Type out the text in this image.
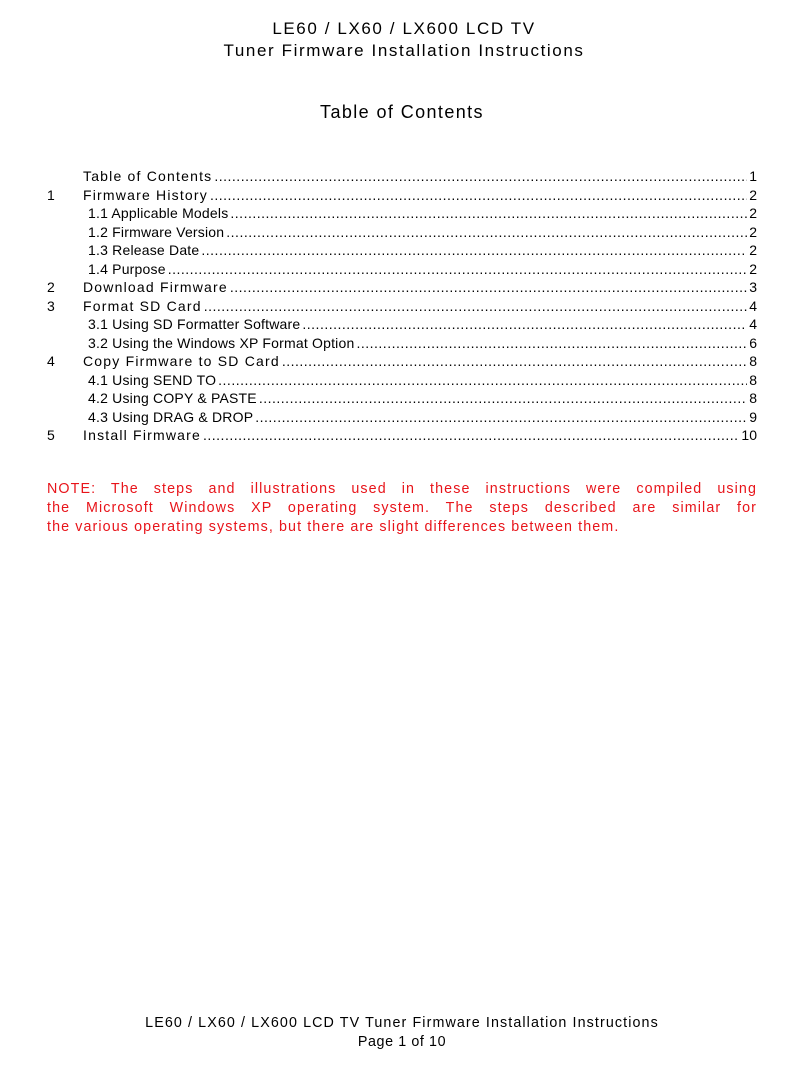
LE60 / LX60 / LX600 LCD TV
Tuner Firmware Installation Instructions
Table of Contents
Table of Contents .....	1
1	Firmware History .....	2
1.1 Applicable Models .....	2
1.2 Firmware Version .....	2
1.3 Release Date .....	2
1.4 Purpose .....	2
2	Download Firmware .....	3
3	Format SD Card .....	4
3.1 Using SD Formatter Software .....	4
3.2 Using the Windows XP Format Option .....	6
4	Copy Firmware to SD Card .....	8
4.1 Using SEND TO .....	8
4.2 Using COPY & PASTE .....	8
4.3 Using DRAG & DROP .....	9
5	Install Firmware .....	10
NOTE: The steps and illustrations used in these instructions were compiled using
the Microsoft Windows XP operating system. The steps described are similar for
the various operating systems, but there are slight differences between them.
LE60 / LX60 / LX600 LCD TV Tuner Firmware Installation Instructions
Page 1 of 10
